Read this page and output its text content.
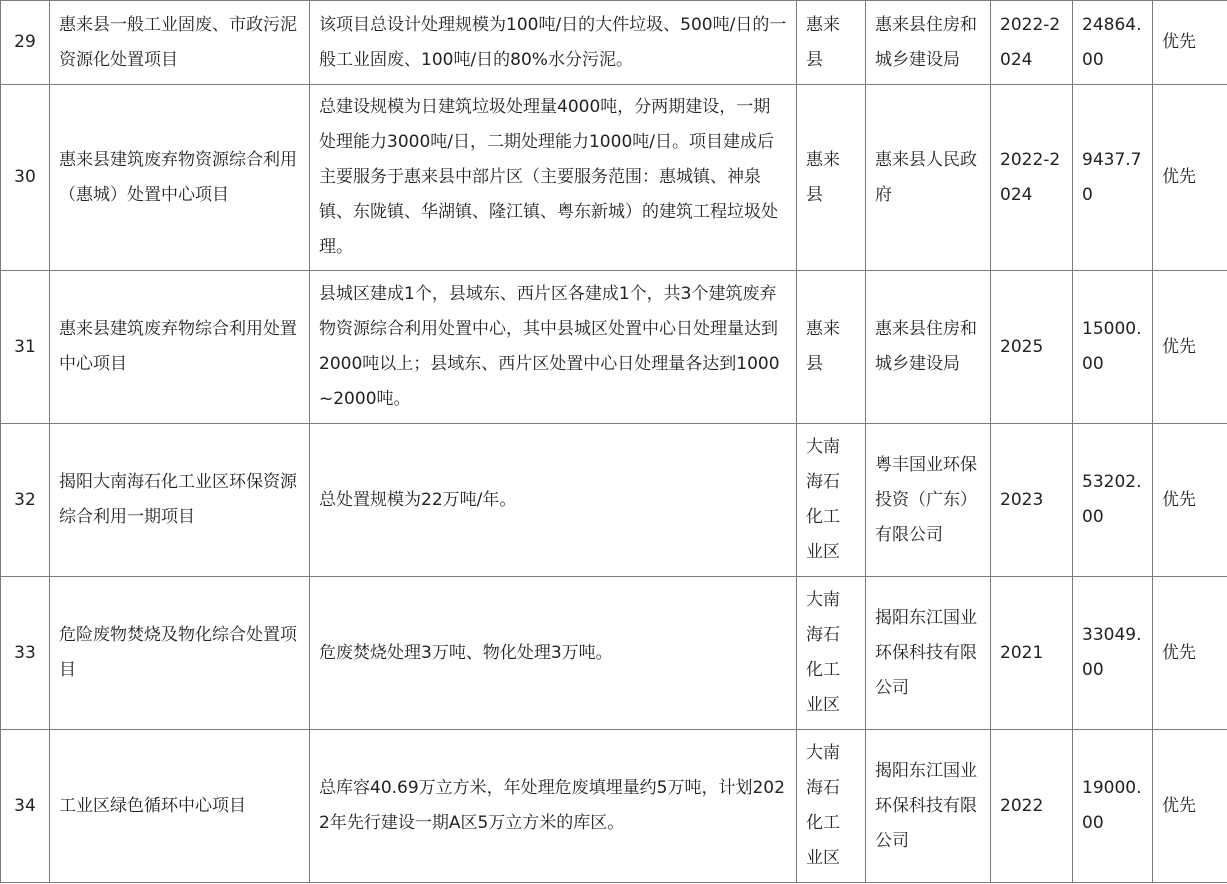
29	惠来县一般工业固废、市政污泥资源化处置项目	该项目总设计处理规模为100吨/日的大件垃圾、500吨/日的一般工业固废、100吨/日的80%水分污泥。	惠来县	惠来县住房和城乡建设局	2022-2024	24864.00	优先
30	惠来县建筑废弃物资源综合利用（惠城）处置中心项目	总建设规模为日建筑垃圾处理量4000吨，分两期建设，一期处理能力3000吨/日，二期处理能力1000吨/日。项目建成后主要服务于惠来县中部片区（主要服务范围：惠城镇、神泉镇、东陇镇、华湖镇、隆江镇、粤东新城）的建筑工程垃圾处理。	惠来县	惠来县人民政府	2022-2024	9437.70	优先
31	惠来县建筑废弃物综合利用处置中心项目	县城区建成1个，县域东、西片区各建成1个，共3个建筑废弃物资源综合利用处置中心，其中县城区处置中心日处理量达到2000吨以上；县域东、西片区处置中心日处理量各达到1000~2000吨。	惠来县	惠来县住房和城乡建设局	2025	15000.00	优先
32	揭阳大南海石化工业区环保资源综合利用一期项目	总处置规模为22万吨/年。	大南海石化工业区	粤丰国业环保投资（广东）有限公司	2023	53202.00	优先
33	危险废物焚烧及物化综合处置项目	危废焚烧处理3万吨、物化处理3万吨。	大南海石化工业区	揭阳东江国业环保科技有限公司	2021	33049.00	优先
34	工业区绿色循环中心项目	总库容40.69万立方米，年处理危废填埋量约5万吨，计划2022年先行建设一期A区5万立方米的库区。	大南海石化工业区	揭阳东江国业环保科技有限公司	2022	19000.00	优先
